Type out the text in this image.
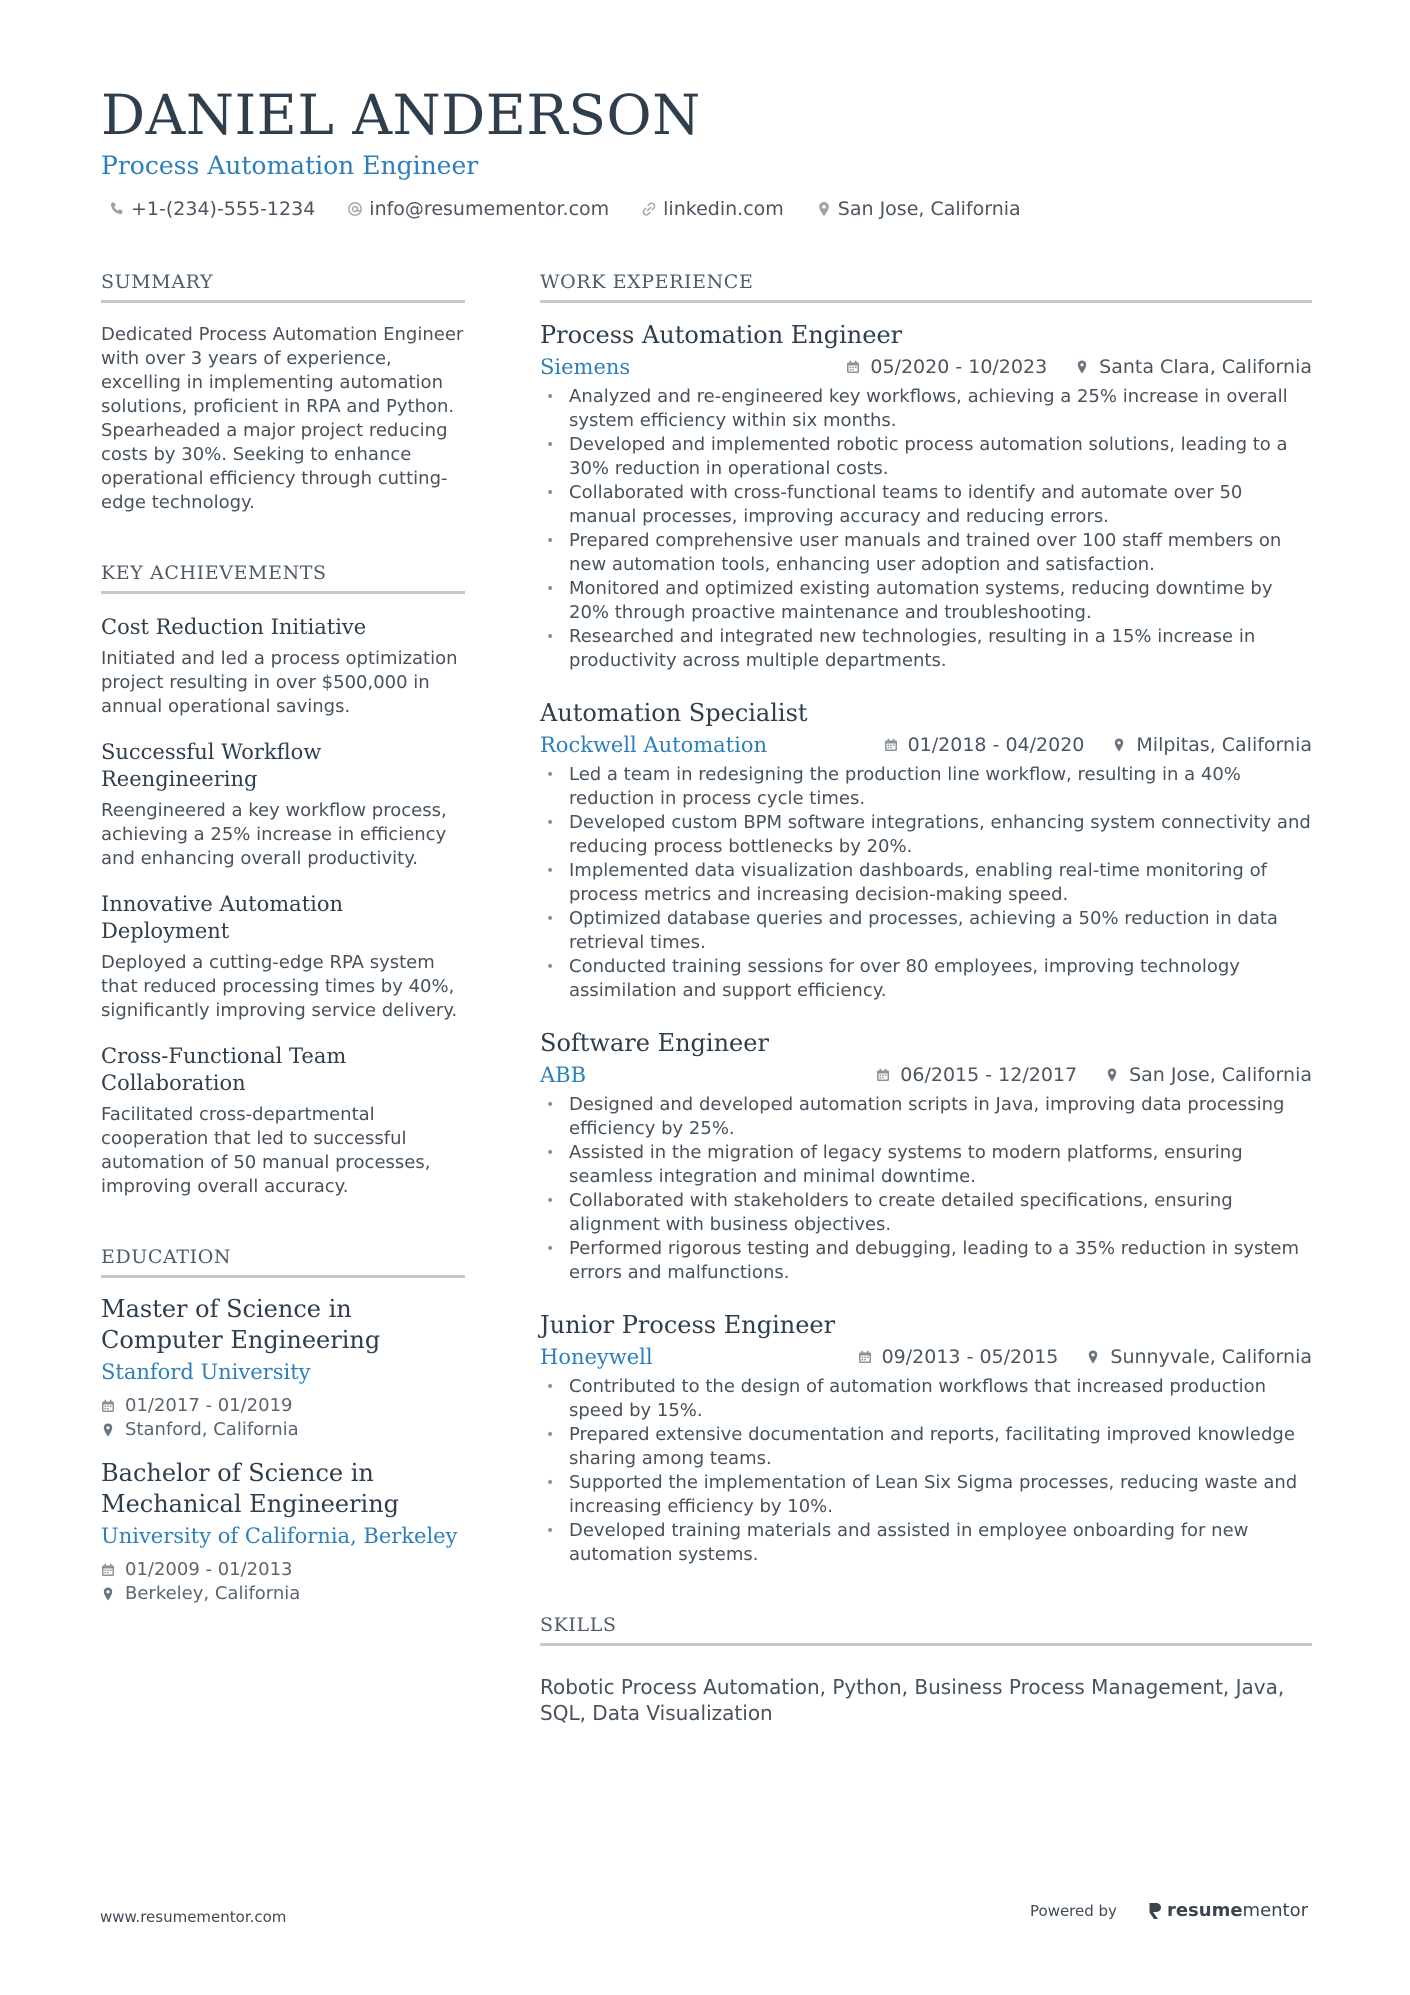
DANIEL ANDERSON
Process Automation Engineer
+1-(234)-555-1234	info@resumementor.com	linkedin.com	San Jose, California
SUMMARY
Dedicated Process Automation Engineer with over 3 years of experience, excelling in implementing automation solutions, proficient in RPA and Python. Spearheaded a major project reducing costs by 30%. Seeking to enhance operational efficiency through cutting-edge technology.
KEY ACHIEVEMENTS
Cost Reduction Initiative
Initiated and led a process optimization project resulting in over $500,000 in annual operational savings.
Successful Workflow Reengineering
Reengineered a key workflow process, achieving a 25% increase in efficiency and enhancing overall productivity.
Innovative Automation Deployment
Deployed a cutting-edge RPA system that reduced processing times by 40%, significantly improving service delivery.
Cross-Functional Team Collaboration
Facilitated cross-departmental cooperation that led to successful automation of 50 manual processes, improving overall accuracy.
EDUCATION
Master of Science in Computer Engineering
Stanford University
01/2017 - 01/2019
Stanford, California
Bachelor of Science in Mechanical Engineering
University of California, Berkeley
01/2009 - 01/2013
Berkeley, California
WORK EXPERIENCE
Process Automation Engineer
Siemens	05/2020 - 10/2023	Santa Clara, California
• Analyzed and re-engineered key workflows, achieving a 25% increase in overall system efficiency within six months.
• Developed and implemented robotic process automation solutions, leading to a 30% reduction in operational costs.
• Collaborated with cross-functional teams to identify and automate over 50 manual processes, improving accuracy and reducing errors.
• Prepared comprehensive user manuals and trained over 100 staff members on new automation tools, enhancing user adoption and satisfaction.
• Monitored and optimized existing automation systems, reducing downtime by 20% through proactive maintenance and troubleshooting.
• Researched and integrated new technologies, resulting in a 15% increase in productivity across multiple departments.
Automation Specialist
Rockwell Automation	01/2018 - 04/2020	Milpitas, California
• Led a team in redesigning the production line workflow, resulting in a 40% reduction in process cycle times.
• Developed custom BPM software integrations, enhancing system connectivity and reducing process bottlenecks by 20%.
• Implemented data visualization dashboards, enabling real-time monitoring of process metrics and increasing decision-making speed.
• Optimized database queries and processes, achieving a 50% reduction in data retrieval times.
• Conducted training sessions for over 80 employees, improving technology assimilation and support efficiency.
Software Engineer
ABB	06/2015 - 12/2017	San Jose, California
• Designed and developed automation scripts in Java, improving data processing efficiency by 25%.
• Assisted in the migration of legacy systems to modern platforms, ensuring seamless integration and minimal downtime.
• Collaborated with stakeholders to create detailed specifications, ensuring alignment with business objectives.
• Performed rigorous testing and debugging, leading to a 35% reduction in system errors and malfunctions.
Junior Process Engineer
Honeywell	09/2013 - 05/2015	Sunnyvale, California
• Contributed to the design of automation workflows that increased production speed by 15%.
• Prepared extensive documentation and reports, facilitating improved knowledge sharing among teams.
• Supported the implementation of Lean Six Sigma processes, reducing waste and increasing efficiency by 10%.
• Developed training materials and assisted in employee onboarding for new automation systems.
SKILLS
Robotic Process Automation, Python, Business Process Management, Java, SQL, Data Visualization
www.resumementor.com	Powered by	resume mentor
